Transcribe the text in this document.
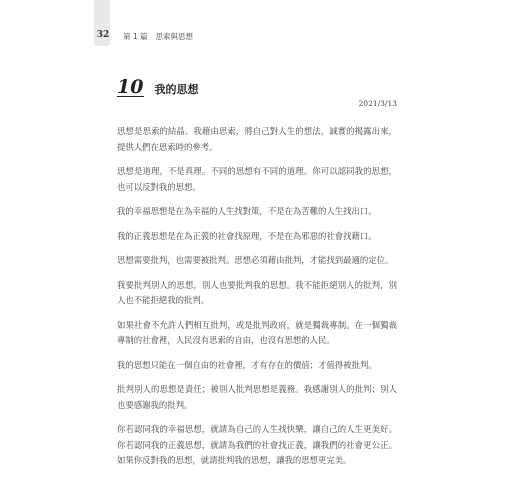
32 第 1 篇 思索與思想
10 我的思想
2021/3/13

思想是思索的結晶。我藉由思索，將自己對人生的想法，誠實的揭露出來，提供人們在思索時的參考。

思想是道理，不是真理。不同的思想有不同的道理。你可以認同我的思想，也可以反對我的思想。

我的幸福思想是在為幸福的人生找對策，不是在為苦難的人生找出口。

我的正義思想是在為正義的社會找原理，不是在為邪惡的社會找藉口。

思想需要批判，也需要被批判。思想必須藉由批判，才能找到最適的定位。

我要批判別人的思想，別人也要批判我的思想。我不能拒絕別人的批判，別人也不能拒絕我的批判。

如果社會不允許人們相互批判，或是批判政府，就是獨裁專制。在一個獨裁專制的社會裡，人民沒有思索的自由，也沒有思想的人民。

我的思想只能在一個自由的社會裡，才有存在的價值；才值得被批判。

批判別人的思想是責任；被別人批判思想是義務。我感謝別人的批判；別人也要感謝我的批判。

你若認同我的幸福思想，就請為自己的人生找快樂，讓自己的人生更美好。你若認同我的正義思想，就請為我們的社會找正義，讓我們的社會更公正。如果你反對我的思想，就請批判我的思想，讓我的思想更完美。
